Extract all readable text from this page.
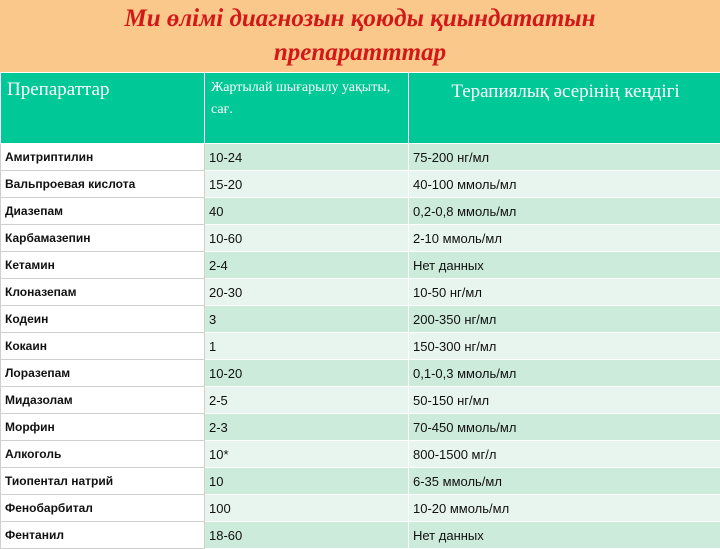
Ми өлімі диагнозын қоюды қиындататын
препаратттар
Препараттар	Жартылай шығарылу уақыты, сағ.	Терапиялық әсерінің кеңдігі
Амитриптилин	10-24	75-200 нг/мл
Вальпроевая кислота	15-20	40-100 ммоль/мл
Диазепам	40	0,2-0,8 ммоль/мл
Карбамазепин	10-60	2-10 ммоль/мл
Кетамин	2-4	Нет данных
Клоназепам	20-30	10-50 нг/мл
Кодеин	3	200-350 нг/мл
Кокаин	1	150-300 нг/мл
Лоразепам	10-20	0,1-0,3 ммоль/мл
Мидазолам	2-5	50-150 нг/мл
Морфин	2-3	70-450 ммоль/мл
Алкоголь	10*	800-1500 мг/л
Тиопентал натрий	10	6-35 ммоль/мл
Фенобарбитал	100	10-20 ммоль/мл
Фентанил	18-60	Нет данных
